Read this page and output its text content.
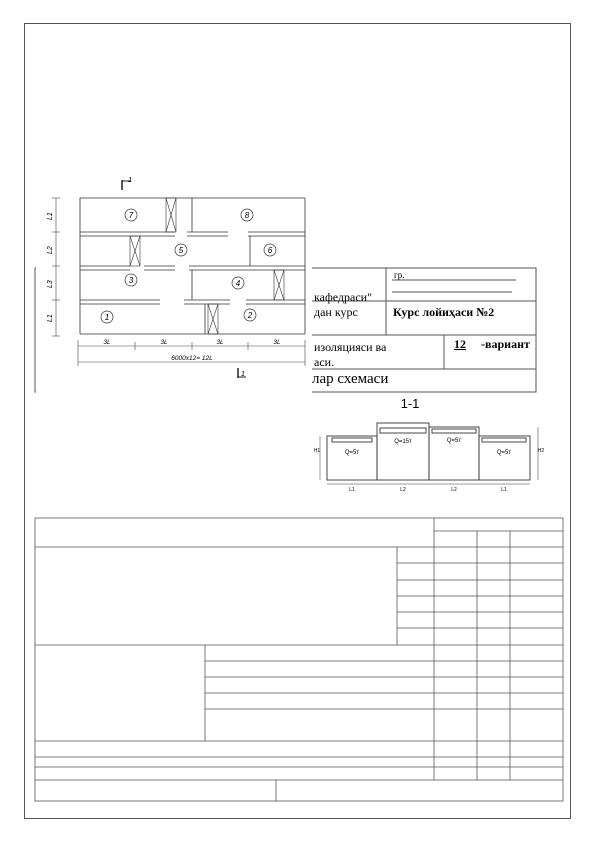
гр.
кафедраси"
дан курс	Курс лойиҳаси №2
изоляцияси ва
аси.
12 -вариант
лар схемаси
1
1
L1
L2
L3
L1
7	8
5	6
3	4
1	2
3L	3L	3L	3L
6000x12= 12L
1-1
Q=5т
Q=15т	Q=5т
Q=5т
L1	L2	L2	L1
H1	H2
